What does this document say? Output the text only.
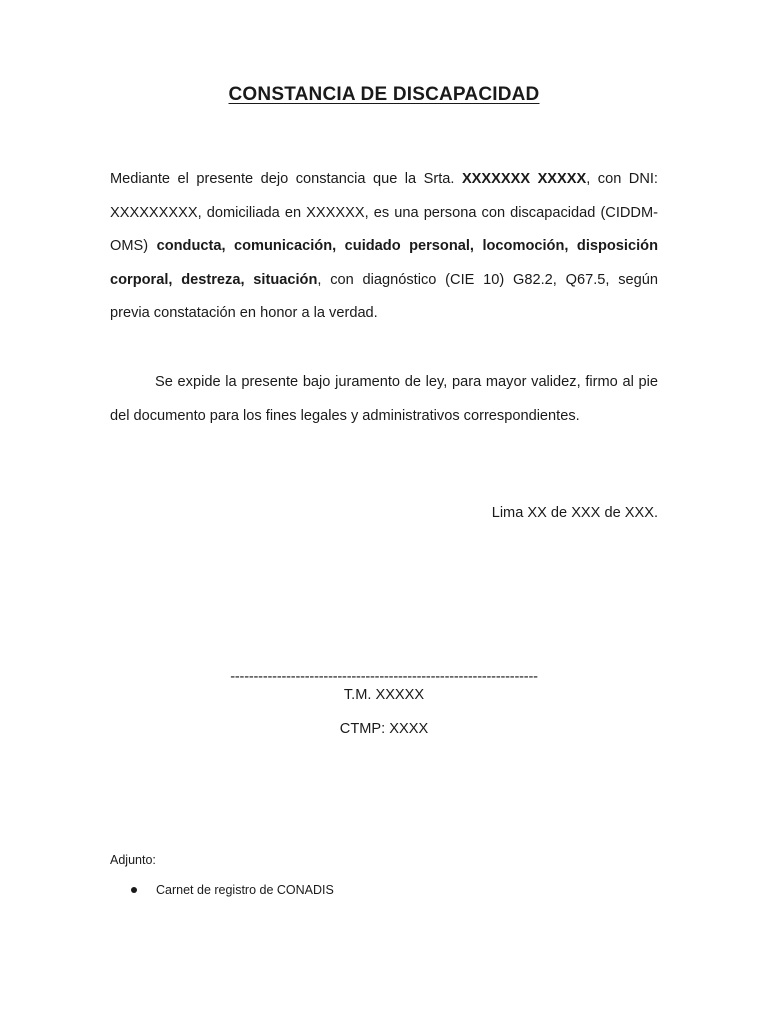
CONSTANCIA DE DISCAPACIDAD
Mediante el presente dejo constancia que la Srta. XXXXXXX XXXXX, con DNI: XXXXXXXXX, domiciliada en XXXXXX, es una persona con discapacidad (CIDDM-OMS) conducta, comunicación, cuidado personal, locomoción, disposición corporal, destreza, situación, con diagnóstico (CIE 10) G82.2, Q67.5, según previa constatación en honor a la verdad.
Se expide la presente bajo juramento de ley, para mayor validez, firmo al pie del documento para los fines legales y administrativos correspondientes.
Lima XX de XXX de XXX.
------------------------------------------------------------------
T.M. XXXXX
CTMP: XXXX
Adjunto:
Carnet de registro de CONADIS
